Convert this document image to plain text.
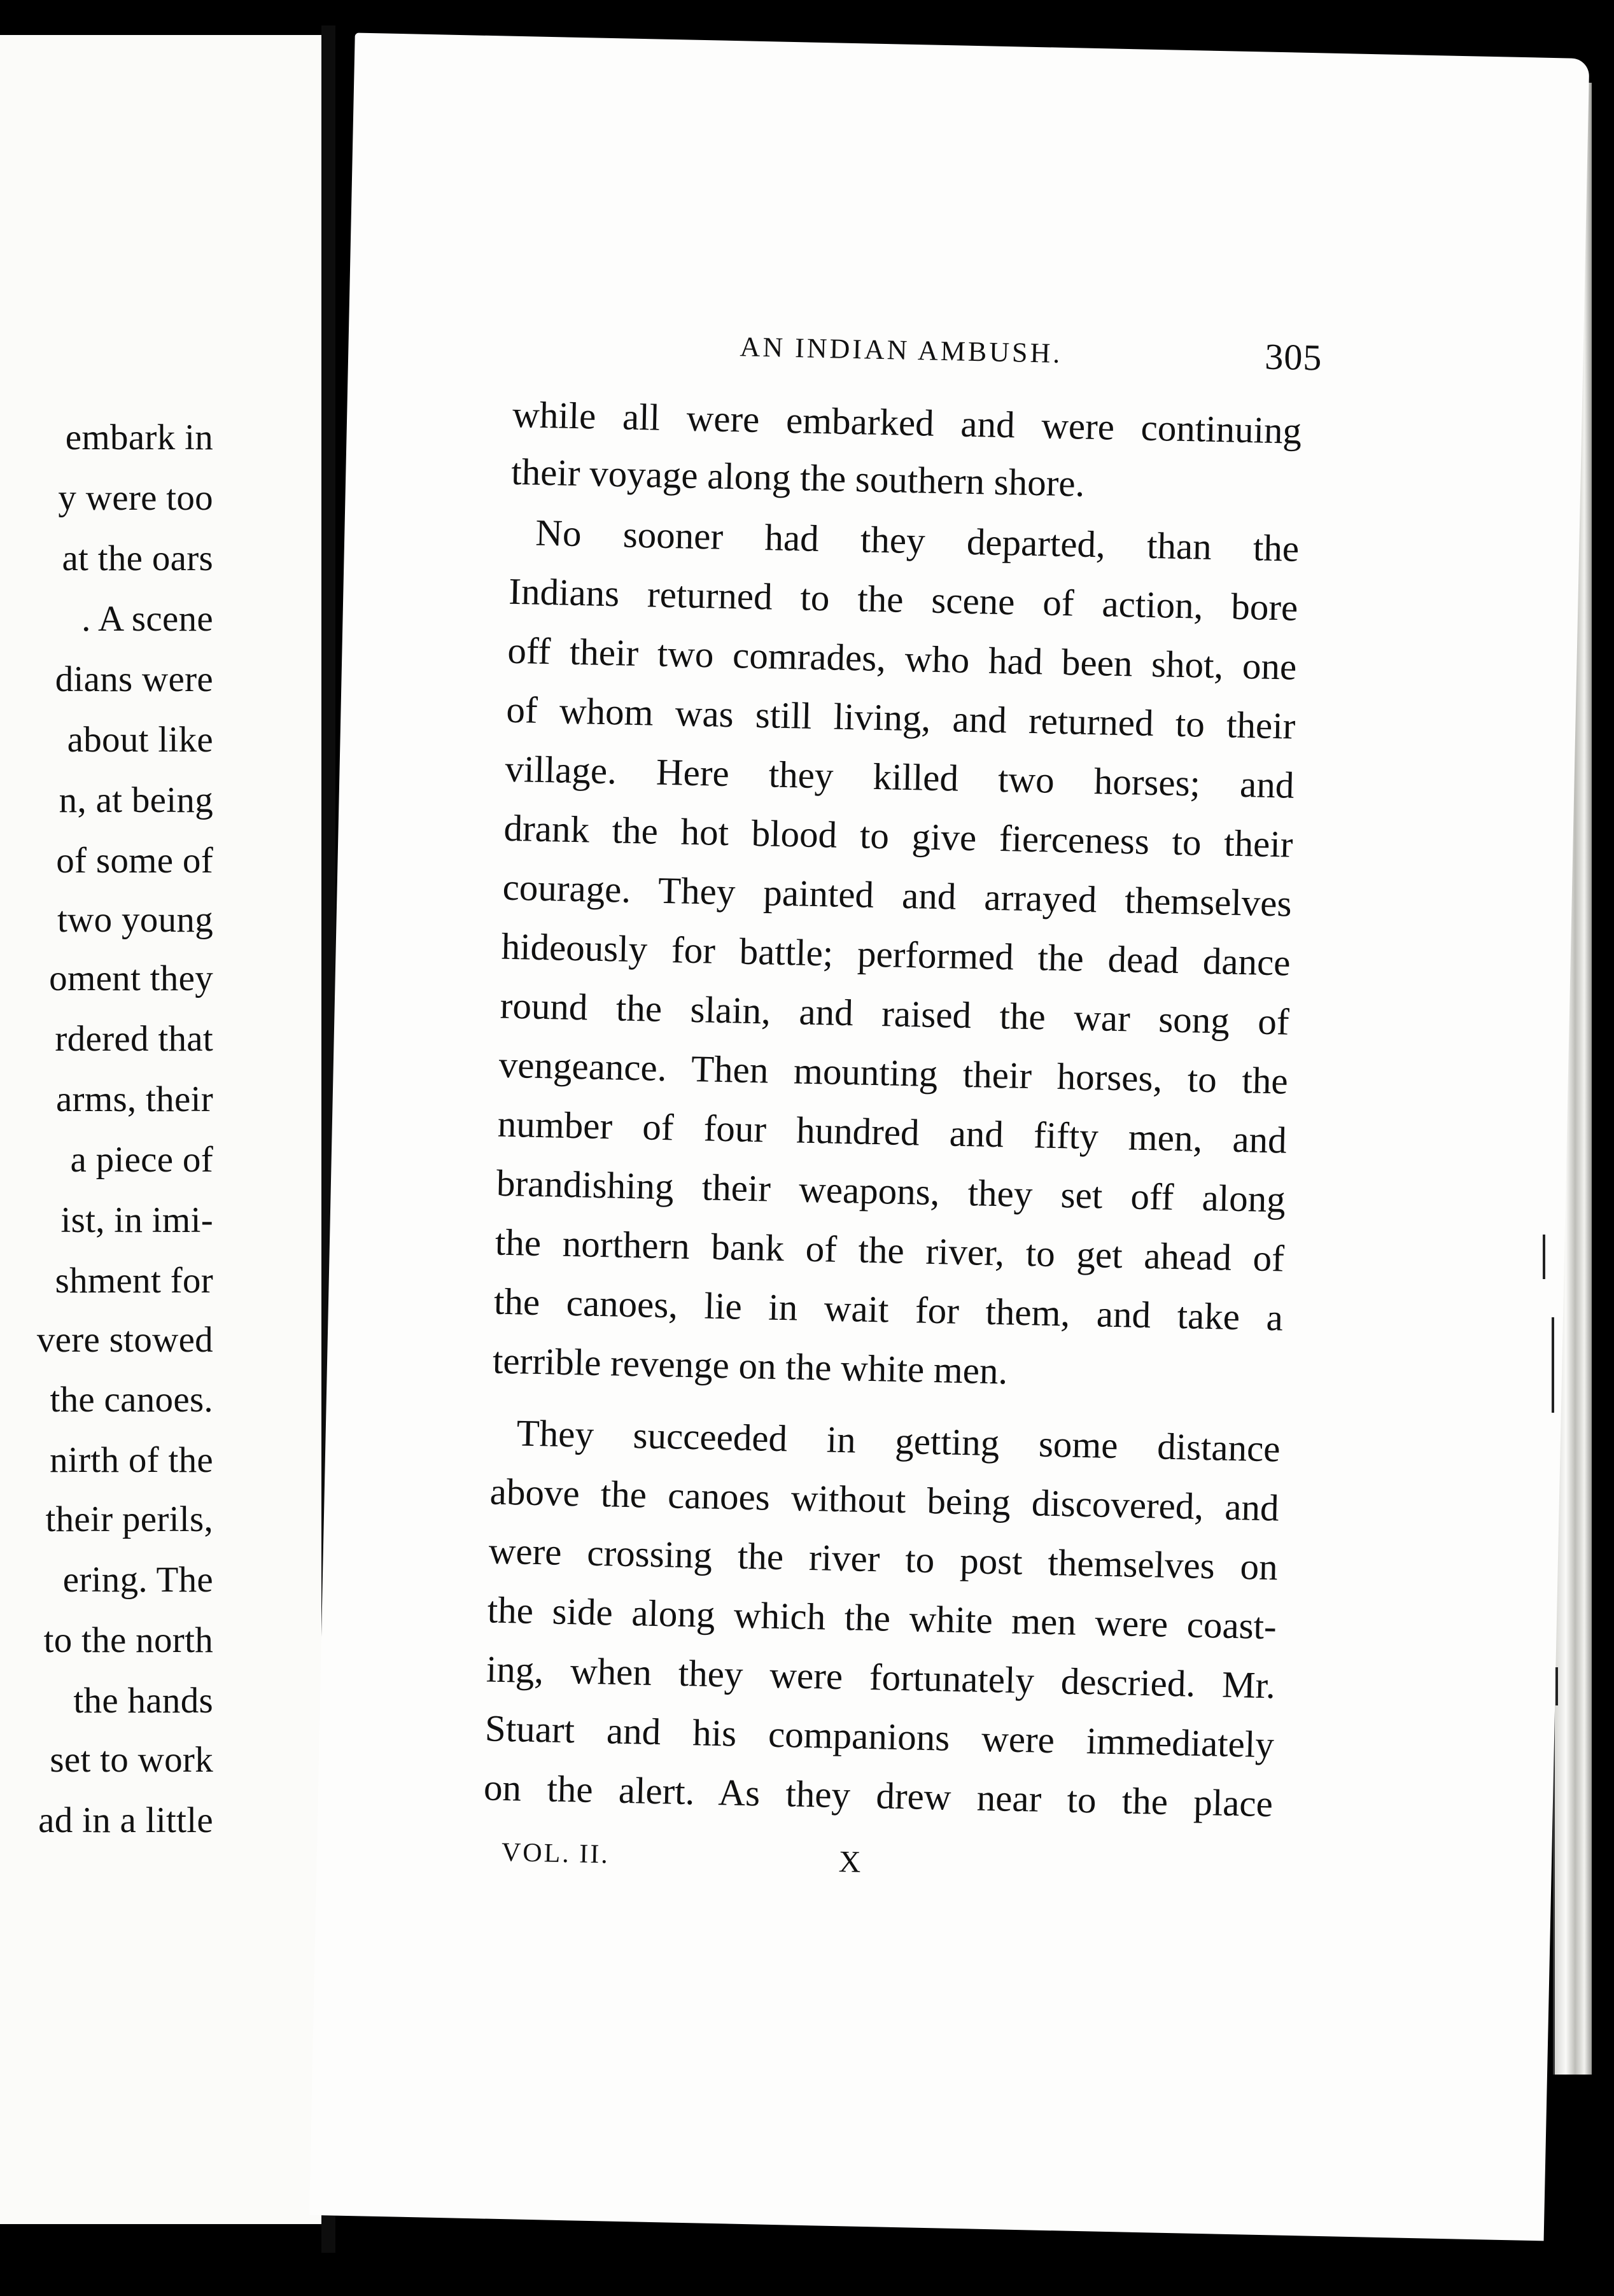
embark in
y were too
at the oars
. A scene
dians were
about like
n, at being
of some of
two young
oment they
rdered that
arms, their
a piece of
ist, in imi-
shment for
vere stowed
the canoes.
nirth of the
their perils,
ering. The
to the north
the hands
set to work
ad in a little
AN INDIAN AMBUSH.	305
while all were embarked and were continuing
their voyage along the southern shore.
No sooner had they departed, than the
Indians returned to the scene of action, bore
off their two comrades, who had been shot, one
of whom was still living, and returned to their
village. Here they killed two horses; and
drank the hot blood to give fierceness to their
courage. They painted and arrayed themselves
hideously for battle; performed the dead dance
round the slain, and raised the war song of
vengeance. Then mounting their horses, to the
number of four hundred and fifty men, and
brandishing their weapons, they set off along
the northern bank of the river, to get ahead of
the canoes, lie in wait for them, and take a
terrible revenge on the white men.
They succeeded in getting some distance
above the canoes without being discovered, and
were crossing the river to post themselves on
the side along which the white men were coast-
ing, when they were fortunately descried. Mr.
Stuart and his companions were immediately
on the alert. As they drew near to the place
VOL. II.	X
